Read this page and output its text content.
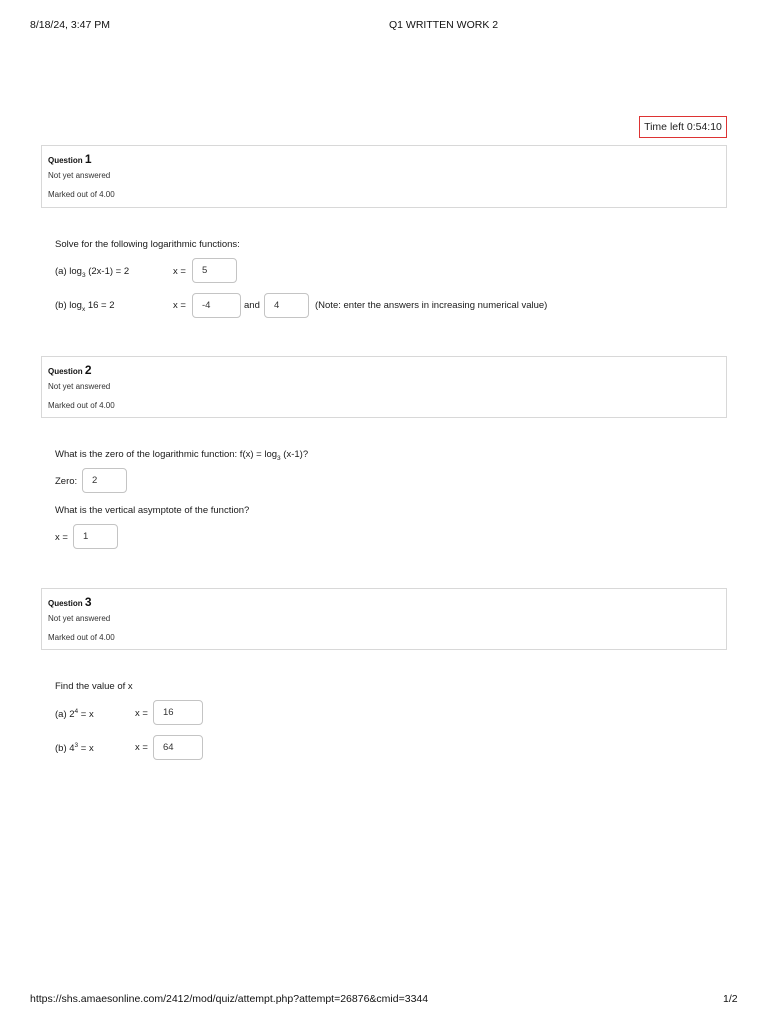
8/18/24, 3:47 PM	Q1 WRITTEN WORK 2
Time left 0:54:10
Question 1
Not yet answered
Marked out of 4.00
Solve for the following logarithmic functions:
(a) $\log_3 (2x-1) = 2$	x =	5
(b) $\log_x 16 = 2$	x =	-4	and	4	(Note: enter the answers in increasing numerical value)
Question 2
Not yet answered
Marked out of 4.00
What is the zero of the logarithmic function: $f(x) = \log_3 (x-1)$?
Zero:	2
What is the vertical asymptote of the function?
x =	1
Question 3
Not yet answered
Marked out of 4.00
Find the value of x
(a) $2^4 = x$	x =	16
(b) $4^3 = x$	x =	64
https://shs.amaesonline.com/2412/mod/quiz/attempt.php?attempt=26876&cmid=3344	1/2
